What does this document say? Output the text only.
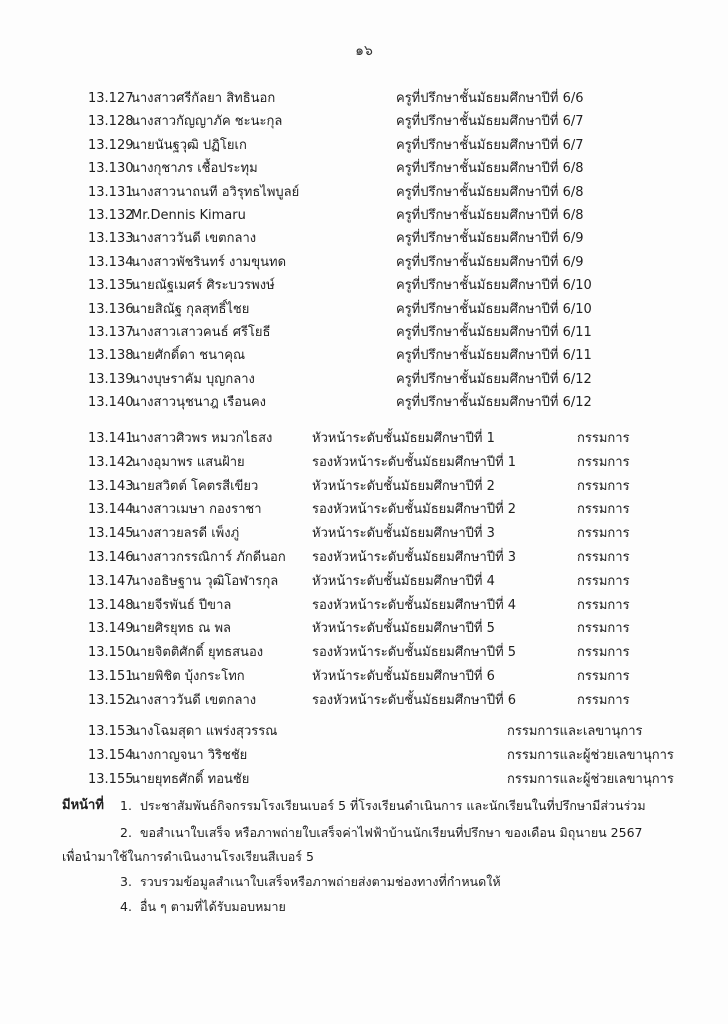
๑๖
13.127
นางสาวศรีกัลยา สิทธินอก	ครูที่ปรึกษาชั้นมัธยมศึกษาปีที่ 6/6
13.128
นางสาวกัญญาภัค ชะนะกุล	ครูที่ปรึกษาชั้นมัธยมศึกษาปีที่ 6/7
13.129
นายนันฐวุฒิ ปฏิโยเก	ครูที่ปรึกษาชั้นมัธยมศึกษาปีที่ 6/7
13.130
นางกุชาภร เชื้อประทุม	ครูที่ปรึกษาชั้นมัธยมศึกษาปีที่ 6/8
13.131
นางสาวนาถนที อวิรุทธไพบูลย์	ครูที่ปรึกษาชั้นมัธยมศึกษาปีที่ 6/8
13.132
Mr.Dennis Kimaru	ครูที่ปรึกษาชั้นมัธยมศึกษาปีที่ 6/8
13.133
นางสาววันดี เขตกลาง	ครูที่ปรึกษาชั้นมัธยมศึกษาปีที่ 6/9
13.134
นางสาวพัชรินทร์ งามขุนทด	ครูที่ปรึกษาชั้นมัธยมศึกษาปีที่ 6/9
13.135
นายณัฐเมศร์ ศิระบวรพงษ์	ครูที่ปรึกษาชั้นมัธยมศึกษาปีที่ 6/10
13.136
นายสิณัฐ กุลสุทธิ์ไชย	ครูที่ปรึกษาชั้นมัธยมศึกษาปีที่ 6/10
13.137
นางสาวเสาวคนธ์ ศรีโยธี	ครูที่ปรึกษาชั้นมัธยมศึกษาปีที่ 6/11
13.138
นายศักดิ์ดา ชนาคุณ	ครูที่ปรึกษาชั้นมัธยมศึกษาปีที่ 6/11
13.139
นางบุษราคัม บุญกลาง	ครูที่ปรึกษาชั้นมัธยมศึกษาปีที่ 6/12
13.140
นางสาวนุชนาฎ เรือนคง	ครูที่ปรึกษาชั้นมัธยมศึกษาปีที่ 6/12
13.141
นางสาวศิวพร หมวกไธสง	หัวหน้าระดับชั้นมัธยมศึกษาปีที่ 1	กรรมการ
13.142
นางอุมาพร แสนฝ้าย	รองหัวหน้าระดับชั้นมัธยมศึกษาปีที่ 1	กรรมการ
13.143
นายสวิตต์ โคตรสีเขียว	หัวหน้าระดับชั้นมัธยมศึกษาปีที่ 2	กรรมการ
13.144
นางสาวเมษา กองราชา	รองหัวหน้าระดับชั้นมัธยมศึกษาปีที่ 2	กรรมการ
13.145
นางสาวยลรดี เพ็งภู่	หัวหน้าระดับชั้นมัธยมศึกษาปีที่ 3	กรรมการ
13.146
นางสาวกรรณิการ์ ภักดีนอก รองหัวหน้าระดับชั้นมัธยมศึกษาปีที่ 3	กรรมการ
13.147
นางอธิษฐาน วุฒิโอฬารกุล	หัวหน้าระดับชั้นมัธยมศึกษาปีที่ 4	กรรมการ
13.148
นายจีรพันธ์ ปีขาล	รองหัวหน้าระดับชั้นมัธยมศึกษาปีที่ 4	กรรมการ
13.149
นายศิรยุทธ ณ พล	หัวหน้าระดับชั้นมัธยมศึกษาปีที่ 5	กรรมการ
13.150
นายจิตติศักดิ์ ยุทธสนอง	รองหัวหน้าระดับชั้นมัธยมศึกษาปีที่ 5	กรรมการ
13.151
นายพิชิต บุ้งกระโทก	หัวหน้าระดับชั้นมัธยมศึกษาปีที่ 6	กรรมการ
13.152
นางสาววันดี เขตกลาง	รองหัวหน้าระดับชั้นมัธยมศึกษาปีที่ 6	กรรมการ
13.153
นางโฉมสุดา แพร่งสุวรรณ	กรรมการและเลขานุการ
13.154
นางกาญจนา วิริชชัย	กรรมการและผู้ช่วยเลขานุการ
13.155
นายยุทธศักดิ์ ทอนชัย	กรรมการและผู้ช่วยเลขานุการ
มีหน้าที่ 1. ประชาสัมพันธ์กิจกรรมโรงเรียนเบอร์ 5 ที่โรงเรียนดำเนินการ และนักเรียนในที่ปรึกษามีส่วนร่วม
2. ขอสำเนาใบเสร็จ หรือภาพถ่ายใบเสร็จค่าไฟฟ้าบ้านนักเรียนที่ปรึกษา ของเดือน มิถุนายน 2567
เพื่อนำมาใช้ในการดำเนินงานโรงเรียนสีเบอร์ 5
3. รวบรวมข้อมูลสำเนาใบเสร็จหรือภาพถ่ายส่งตามช่องทางที่กำหนดให้
4. อื่น ๆ ตามที่ได้รับมอบหมาย
